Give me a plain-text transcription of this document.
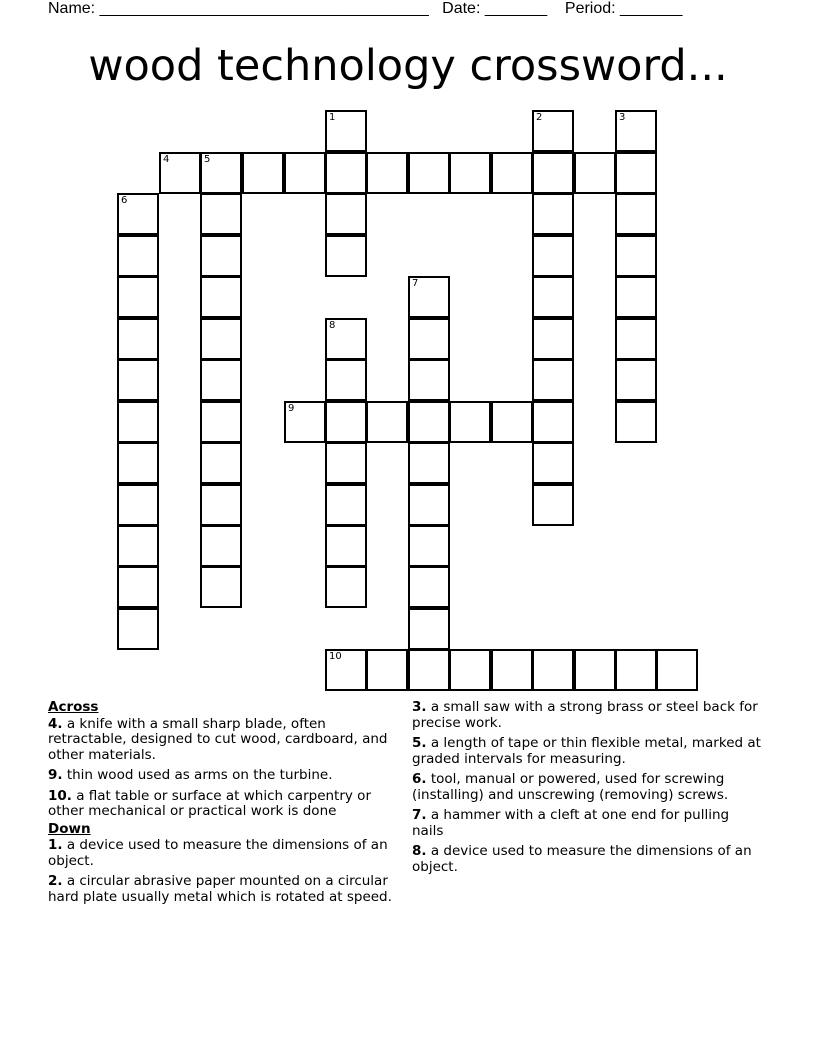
Name: _____________________________________   Date: _______    Period: _______
wood technology crossword...
1	2	3
4	5
6
7
8
9
10
Across
4. a knife with a small sharp blade, often retractable, designed to cut wood, cardboard, and other materials.
9. thin wood used as arms on the turbine.
10. a flat table or surface at which carpentry or other mechanical or practical work is done
Down
1. a device used to measure the dimensions of an object.
2. a circular abrasive paper mounted on a circular hard plate usually metal which is rotated at speed.
3. a small saw with a strong brass or steel back for precise work.
5. a length of tape or thin flexible metal, marked at graded intervals for measuring.
6. tool, manual or powered, used for screwing (installing) and unscrewing (removing) screws.
7. a hammer with a cleft at one end for pulling nails
8. a device used to measure the dimensions of an object.
